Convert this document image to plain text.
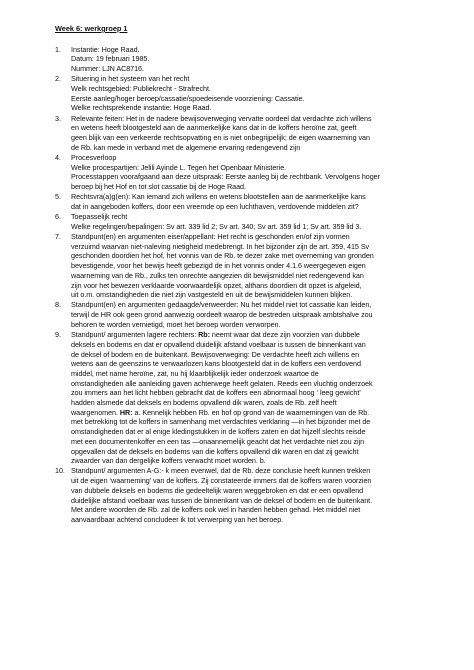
Week 6: werkgroep 1
1.	Instantie: Hoge Raad.
Datum: 19 februari 1985.
Nummer: LJN AC8716.
2.	Situering in het systeem van het recht
Welk rechtsgebied: Publiekrecht - Strafrecht.
Eerste aanleg/hoger beroep/cassatie/spoedeisende voorziening: Cassatie.
Welke rechtsprekende instantie: Hoge Raad.
3.	Relevante feiten: Het in de nadere bewijsoverweging vervatte oordeel dat verdachte zich willens
en wetens heeft blootgesteld aan de aanmerkelijke kans dat in de koffers heroïne zat, geeft
geen blijk van een verkeerde rechtsopvatting en is niet onbegrijpelijk; de eigen waarneming van
de Rb. kan mede in verband met de algemene ervaring redengevend zijn
4.	Procesverloop
Welke procespartijen: Jelili Ayinde L. Tegen het Openbaar Ministerie.
Processtappen voorafgaand aan deze uitspraak: Eerste aanleg bij de rechtbank. Vervolgens hoger
beroep bij het Hof en tot slot cassatie bij de Hoge Raad.
5.	Rechtsvra(a)g(en): Kan iemand zich willens en wetens blootstellen aan de aanmerkelijke kans
dat in aangeboden koffers, door een vreemde op een luchthaven, verdovende middelen zit?
6.	Toepasselijk recht
Welke regelingen/bepalingen: Sv art. 339 lid 2; Sv art. 340; Sv art. 359 lid 1; Sv art. 359 lid 3.
7.	Standpunt(en) en argumenten eiser/appellant: Het recht is geschonden en/of zijn vormen
verzuimd waarvan niet-naleving nietigheid medebrengt. In het bijzonder zijn de art. 359, 415 Sv
geschonden doordien het hof, het vonnis van de Rb. te dezer zake met overneming van gronden
bevestigende, voor het bewijs heeft gebezigd de in het vonnis onder 4.1.6 weergegeven eigen
waarneming van de Rb., zulks ten onrechte aangezien dit bewijsmiddel niet redengevend kan
zijn voor het bewezen verklaarde voorwaardelijk opzet, althans doordien dit opzet is afgeleid,
uit o.m. omstandigheden die niet zijn vastgesteld en uit de bewijsmiddelen kunnen blijken.
8.	Standpunt(en) en argumenten gedaagde/verweerder: Nu het middel niet tot cassatie kan leiden,
terwijl de HR ook geen grond aanwezig oordeelt waarop de bestreden uitspraak ambtshalve zou
behoren te worden vernietigd, moet het beroep worden verworpen.
9.	Standpunt/ argumenten lagere rechters: Rb: neemt waar dat deze zijn voorzien van dubbele
deksels en bodems en dat er opvallend duidelijk afstand voelbaar is tussen de binnenkant van
de deksel of bodem en de buitenkant. Bewijsoverweging: De verdachte heeft zich willens en
wetens aan de geenszins te verwaarlozen kans blootgesteld dat in de koffers een verdovend
middel, met name heroïne, zat, nu hij klaarblijkelijk ieder onderzoek waartoe de
omstandigheden alle aanleiding gaven achterwege heeft gelaten. Reeds een vluchtig onderzoek
zou immers aan het licht hebben gebracht dat de koffers een abnormaal hoog ‘ leeg gewicht’
hadden alsmede dat deksels en bodems opvallend dik waren, zoals de Rb. zelf heeft
waargenomen. HR: a. Kennelijk hebben Rb. en hof op grond van de waarnemingen van de Rb.
met betrekking tot de koffers in samenhang met verdachtes verklaring —in het bijzonder met de
omstandigheden dat er al enige kledingstukken in de koffers zaten en dat hijzelf slechts reisde
met een documentenkoffer en een tas —onaannemelijk geacht dat het verdachte niet zou zijn
opgevallen dat de deksels en bodems van die koffers opvallend dik waren en dat zij gewicht
zwaarder van dan dergelijke koffers verwacht moet worden. b.
10. Standpunt/ argumenten A-G:- k meen evenwel, dat de Rb. deze conclusie heeft kunnen trekken
uit de eigen ‘waarneming’ van de koffers. Zij constateerde immers dat de koffers waren voorzien
van dubbele deksels en bodems die gedeeltelijk waren weggebroken en dat er een opvallend
duidelijke afstand voelbaar was tussen de binnenkant van de deksel of bodem en de buitenkant.
Met andere woorden de Rb. zal de koffers ook wel in handen hebben gehad. Het middel niet
aanvaardbaar achtend concludeer ik tot verwerping van het beroep.
